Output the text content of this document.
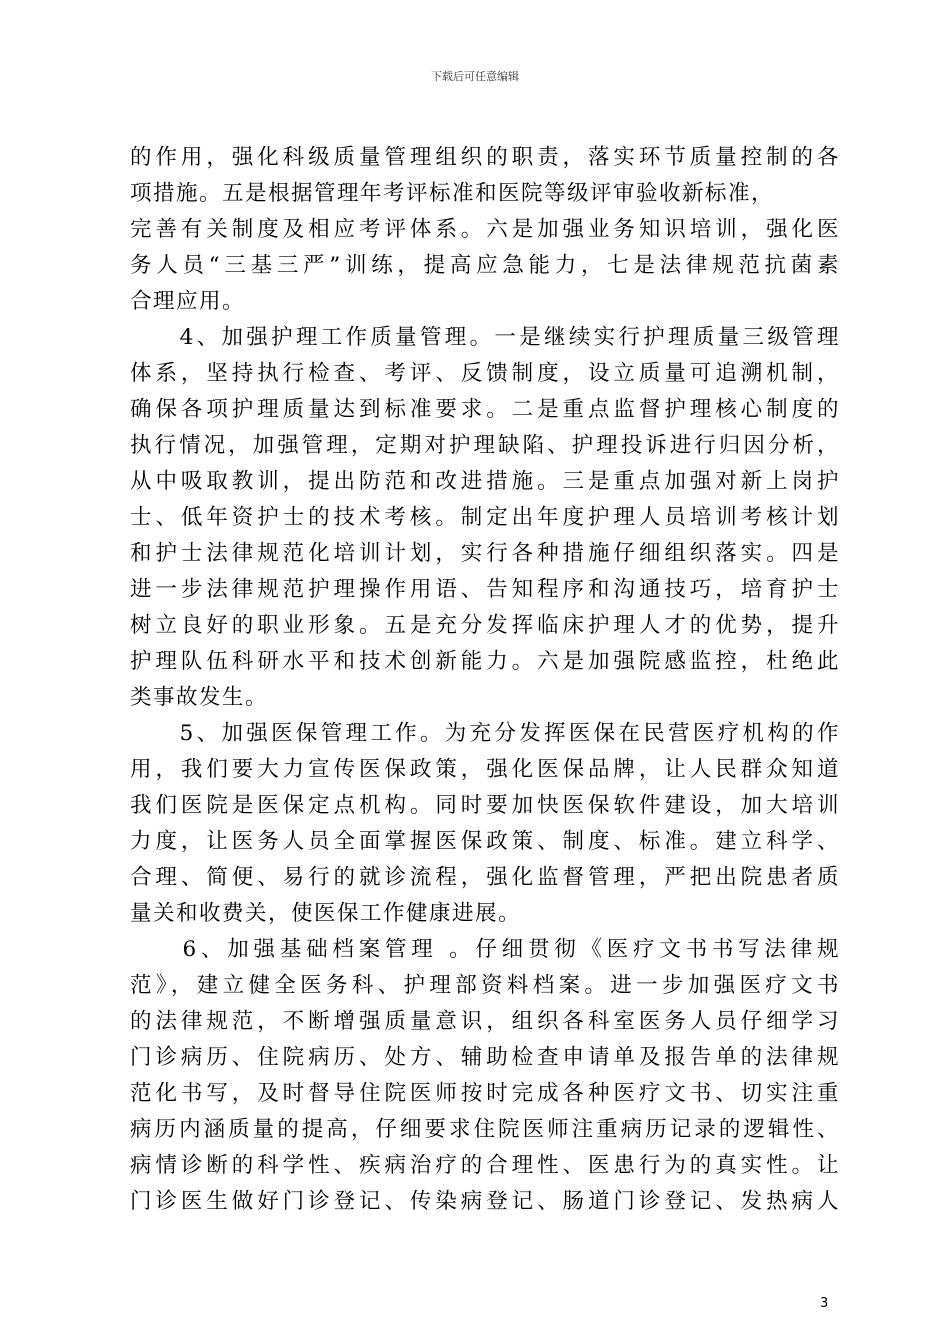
下载后可任意编辑
的作用，强化科级质量管理组织的职责，落实环节质量控制的各
项措施。五是根据管理年考评标准和医院等级评审验收新标准，
完善有关制度及相应考评体系。六是加强业务知识培训，强化医
务人员“三基三严”训练，提高应急能力，七是法律规范抗菌素
合理应用。
　　4、加强护理工作质量管理。一是继续实行护理质量三级管理
体系，坚持执行检查、考评、反馈制度，设立质量可追溯机制，
确保各项护理质量达到标准要求。二是重点监督护理核心制度的
执行情况，加强管理，定期对护理缺陷、护理投诉进行归因分析，
从中吸取教训，提出防范和改进措施。三是重点加强对新上岗护
士、低年资护士的技术考核。制定出年度护理人员培训考核计划
和护士法律规范化培训计划，实行各种措施仔细组织落实。四是
进一步法律规范护理操作用语、告知程序和沟通技巧，培育护士
树立良好的职业形象。五是充分发挥临床护理人才的优势，提升
护理队伍科研水平和技术创新能力。六是加强院感监控，杜绝此
类事故发生。
　　5、加强医保管理工作。为充分发挥医保在民营医疗机构的作
用，我们要大力宣传医保政策，强化医保品牌，让人民群众知道
我们医院是医保定点机构。同时要加快医保软件建设，加大培训
力度，让医务人员全面掌握医保政策、制度、标准。建立科学、
合理、简便、易行的就诊流程，强化监督管理，严把出院患者质
量关和收费关，使医保工作健康进展。
　　6、加强基础档案管理 。仔细贯彻《医疗文书书写法律规
范》，建立健全医务科、护理部资料档案。进一步加强医疗文书
的法律规范，不断增强质量意识，组织各科室医务人员仔细学习
门诊病历、住院病历、处方、辅助检查申请单及报告单的法律规
范化书写，及时督导住院医师按时完成各种医疗文书、切实注重
病历内涵质量的提高，仔细要求住院医师注重病历记录的逻辑性、
病情诊断的科学性、疾病治疗的合理性、医患行为的真实性。让
门诊医生做好门诊登记、传染病登记、肠道门诊登记、发热病人
3
